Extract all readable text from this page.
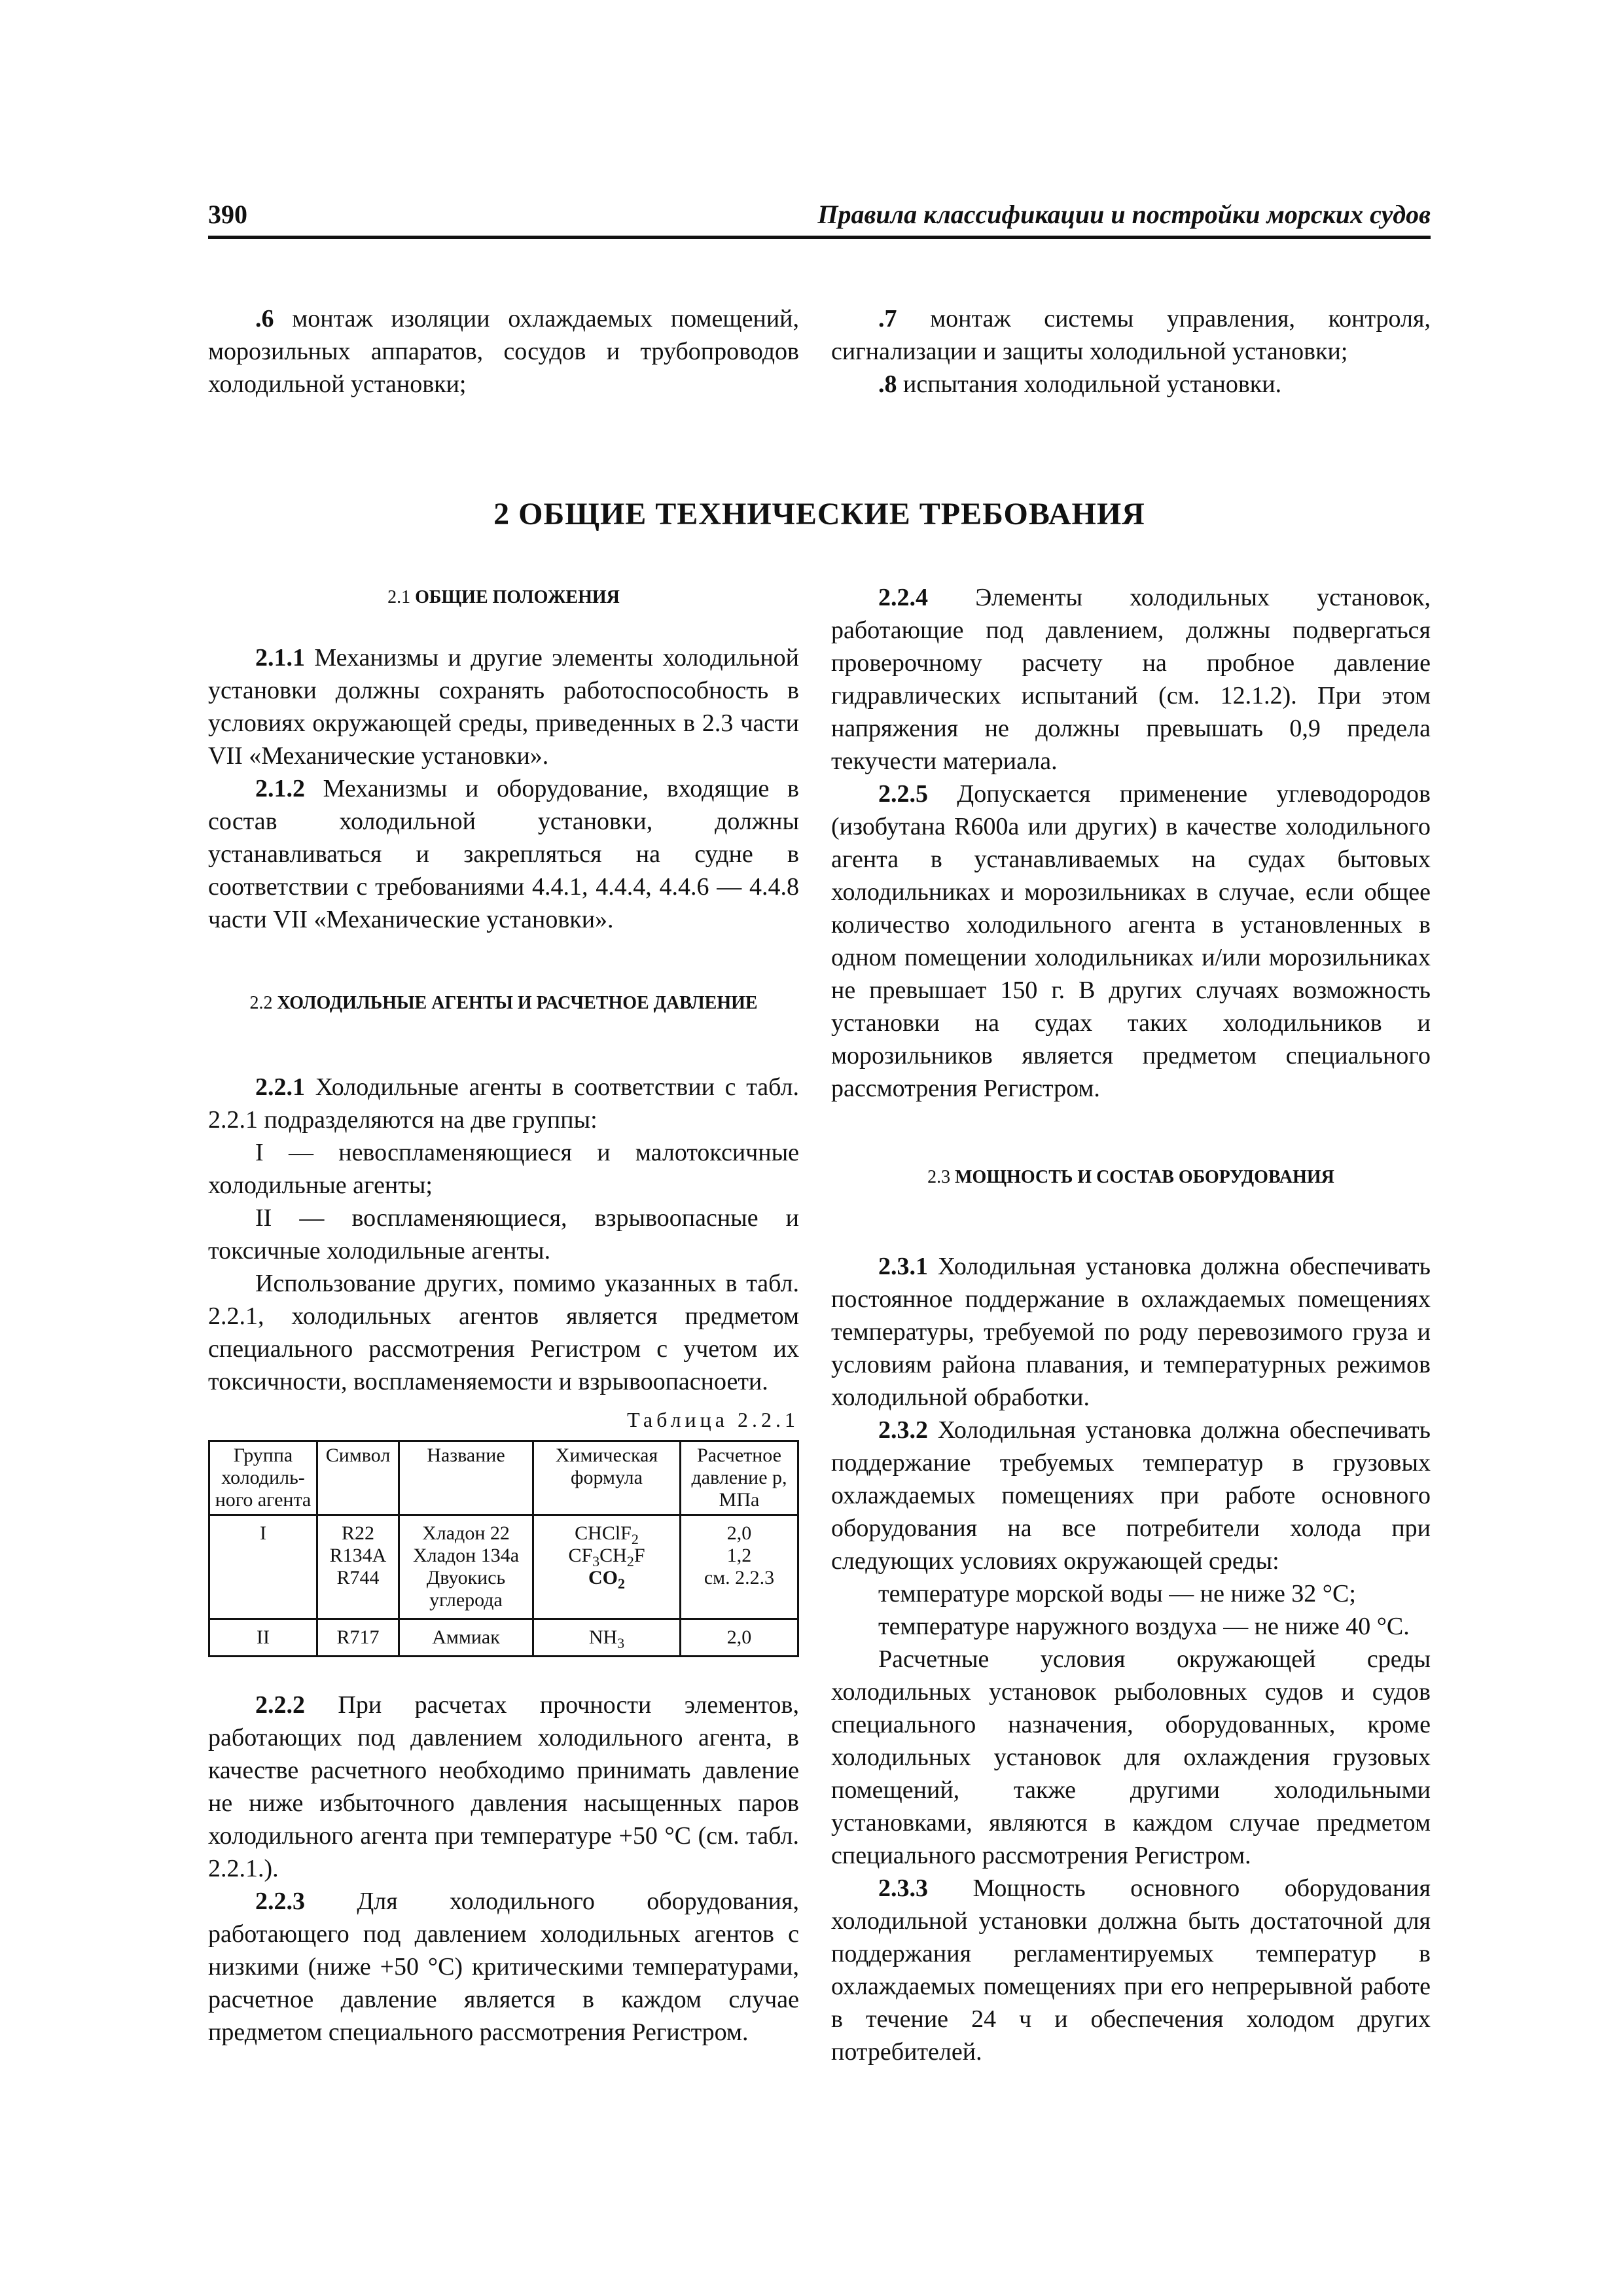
390	Правила классификации и постройки морских судов

.6 монтаж изоляции охлаждаемых помещений, морозильных аппаратов, сосудов и трубопроводов холодильной установки;

.7 монтаж системы управления, контроля, сигнализации и защиты холодильной установки;

.8 испытания холодильной установки.

2 ОБЩИЕ ТЕХНИЧЕСКИЕ ТРЕБОВАНИЯ

2.1 ОБЩИЕ ПОЛОЖЕНИЯ

2.1.1 Механизмы и другие элементы холодильной установки должны сохранять работоспособность в условиях окружающей среды, приведенных в 2.3 части VII «Механические установки».

2.1.2 Механизмы и оборудование, входящие в состав холодильной установки, должны устанавливаться и закрепляться на судне в соответствии с требованиями 4.4.1, 4.4.4, 4.4.6 — 4.4.8 части VII «Механические установки».

2.2 ХОЛОДИЛЬНЫЕ АГЕНТЫ И РАСЧЕТНОЕ ДАВЛЕНИЕ

2.2.1 Холодильные агенты в соответствии с табл. 2.2.1 подразделяются на две группы:

I — невоспламеняющиеся и малотоксичные холодильные агенты;

II — воспламеняющиеся, взрывоопасные и токсичные холодильные агенты.

Использование других, помимо указанных в табл. 2.2.1, холодильных агентов является предметом специального рассмотрения Регистром с учетом их токсичности, воспламеняемости и взрывоопасноети.

Таблица 2.2.1

Группа холодиль-ного агента	Символ	Название	Химическая формула	Расчетное давление p, МПа
I	R22
R134A
R744	Хладон 22
Хладон 134a
Двуокись углерода	CHClF$_2$
$CF_3CH_2F$
$CO_2$	2,0
1,2
см. 2.2.3

II	R717	Аммиак	$NH_3$	2,0

2.2.2 При расчетах прочности элементов, работающих под давлением холодильного агента, в качестве расчетного необходимо принимать давление не ниже избыточного давления насыщенных паров холодильного агента при температуре +50 °С (см. табл. 2.2.1.).

2.2.3 Для холодильного оборудования, работающего под давлением холодильных агентов с низкими (ниже +50 °С) критическими температурами, расчетное давление является в каждом случае предметом специального рассмотрения Регистром.

2.2.4 Элементы холодильных установок, работающие под давлением, должны подвергаться проверочному расчету на пробное давление гидравлических испытаний (см. 12.1.2). При этом напряжения не должны превышать 0,9 предела текучести материала.

2.2.5 Допускается применение углеводородов (изобутана R600a или других) в качестве холодильного агента в устанавливаемых на судах бытовых холодильниках и морозильниках в случае, если общее количество холодильного агента в установленных в одном помещении холодильниках и/или морозильниках не превышает 150 г. В других случаях возможность установки на судах таких холодильников и морозильников является предметом специального рассмотрения Регистром.

2.3 МОЩНОСТЬ И СОСТАВ ОБОРУДОВАНИЯ

2.3.1 Холодильная установка должна обеспечивать постоянное поддержание в охлаждаемых помещениях температуры, требуемой по роду перевозимого груза и условиям района плавания, и температурных режимов холодильной обработки.

2.3.2 Холодильная установка должна обеспечивать поддержание требуемых температур в грузовых охлаждаемых помещениях при работе основного оборудования на все потребители холода при следующих условиях окружающей среды:

температуре морской воды — не ниже 32 °С;

температуре наружного воздуха — не ниже 40 °С.

Расчетные условия окружающей среды холодильных установок рыболовных судов и судов специального назначения, оборудованных, кроме холодильных установок для охлаждения грузовых помещений, также другими холодильными установками, являются в каждом случае предметом специального рассмотрения Регистром.

2.3.3 Мощность основного оборудования холодильной установки должна быть достаточной для поддержания регламентируемых температур в охлаждаемых помещениях при его непрерывной работе в течение 24 ч и обеспечения холодом других потребителей.
